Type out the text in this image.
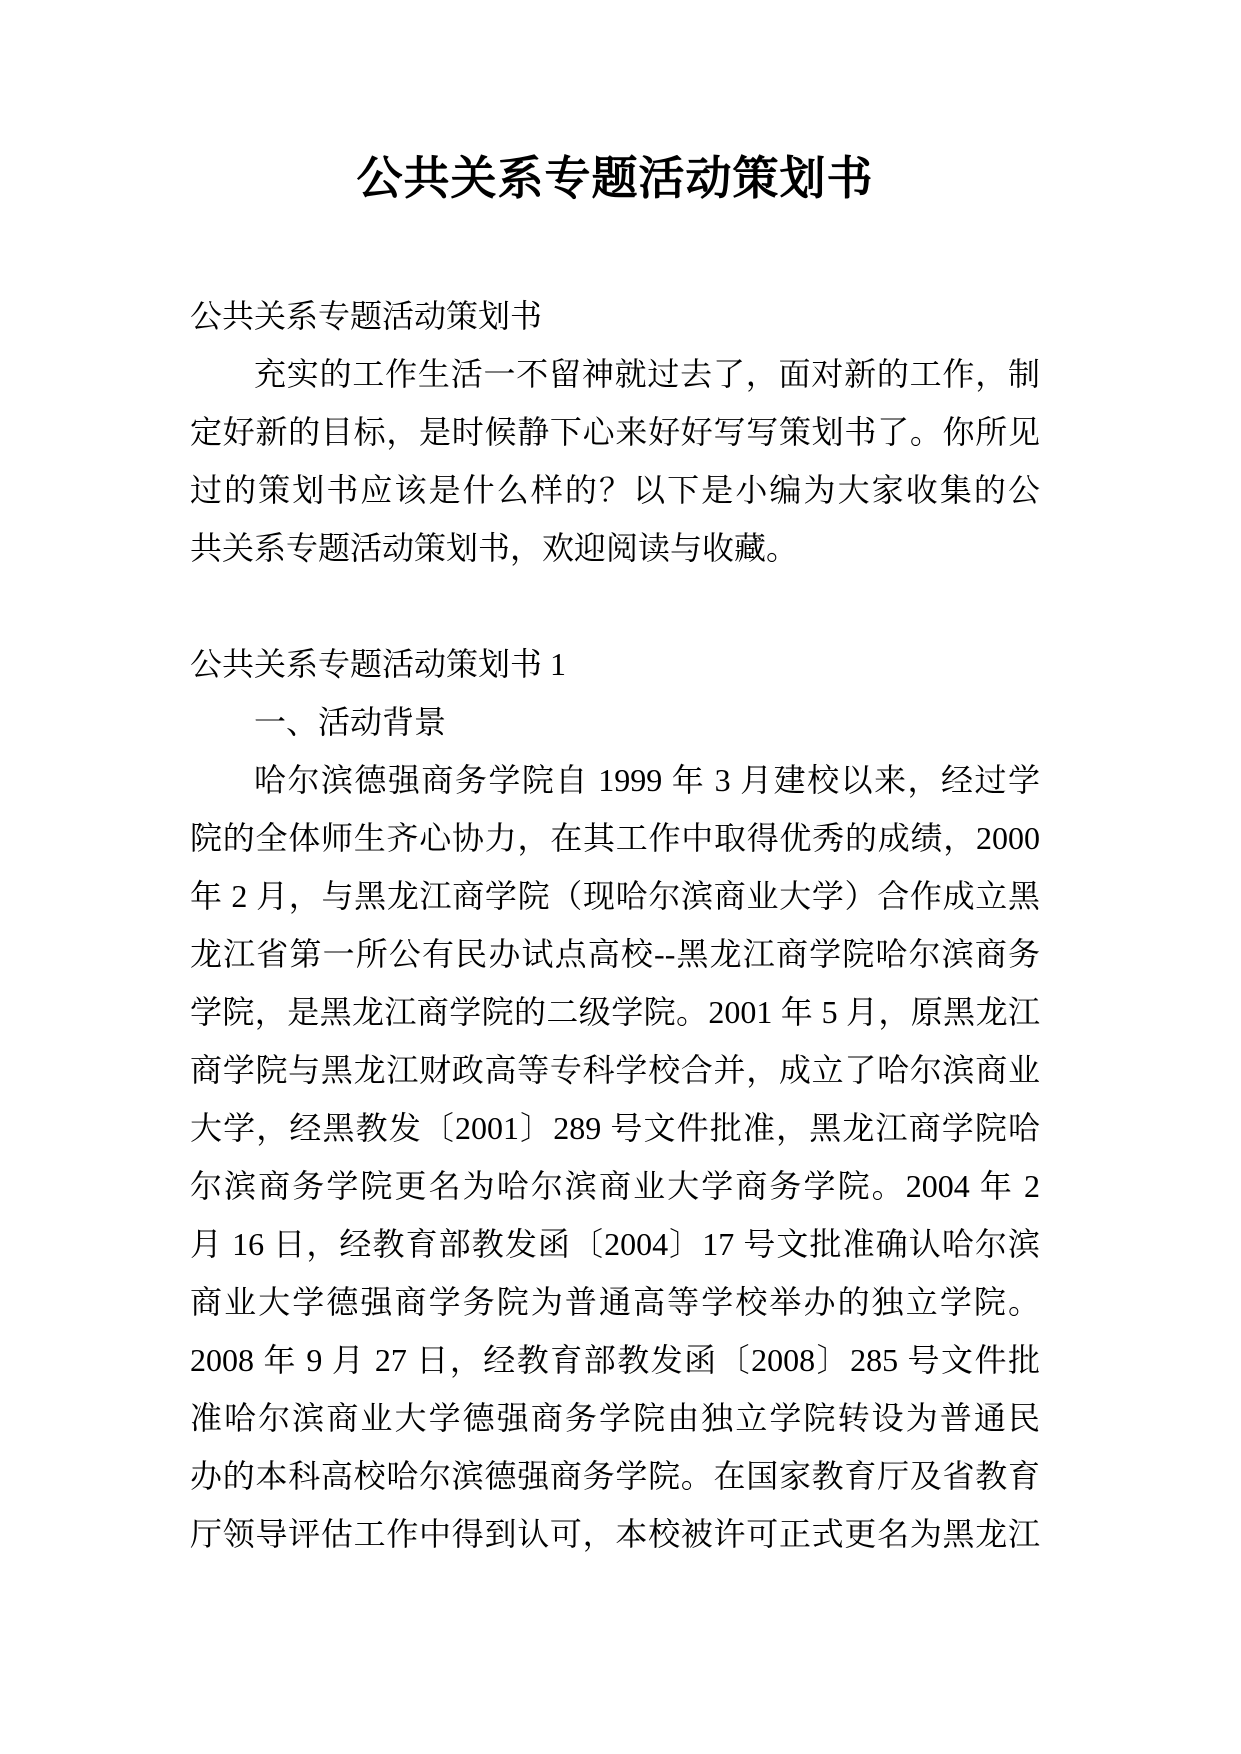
公共关系专题活动策划书
公共关系专题活动策划书
充实的工作生活一不留神就过去了，面对新的工作，制
定好新的目标，是时候静下心来好好写写策划书了。你所见
过的策划书应该是什么样的？以下是小编为大家收集的公
共关系专题活动策划书，欢迎阅读与收藏。
公共关系专题活动策划书 1
一、活动背景
哈尔滨德强商务学院自 1999 年 3 月建校以来，经过学
院的全体师生齐心协力，在其工作中取得优秀的成绩，2000
年 2 月，与黑龙江商学院（现哈尔滨商业大学）合作成立黑
龙江省第一所公有民办试点高校--黑龙江商学院哈尔滨商务
学院，是黑龙江商学院的二级学院。2001 年 5 月，原黑龙江
商学院与黑龙江财政高等专科学校合并，成立了哈尔滨商业
大学，经黑教发〔2001〕289 号文件批准，黑龙江商学院哈
尔滨商务学院更名为哈尔滨商业大学商务学院。2004 年 2
月 16 日，经教育部教发函〔2004〕17 号文批准确认哈尔滨
商业大学德强商学务院为普通高等学校举办的独立学院。
2008 年 9 月 27 日，经教育部教发函〔2008〕285 号文件批
准哈尔滨商业大学德强商务学院由独立学院转设为普通民
办的本科高校哈尔滨德强商务学院。在国家教育厅及省教育
厅领导评估工作中得到认可，本校被许可正式更名为黑龙江
